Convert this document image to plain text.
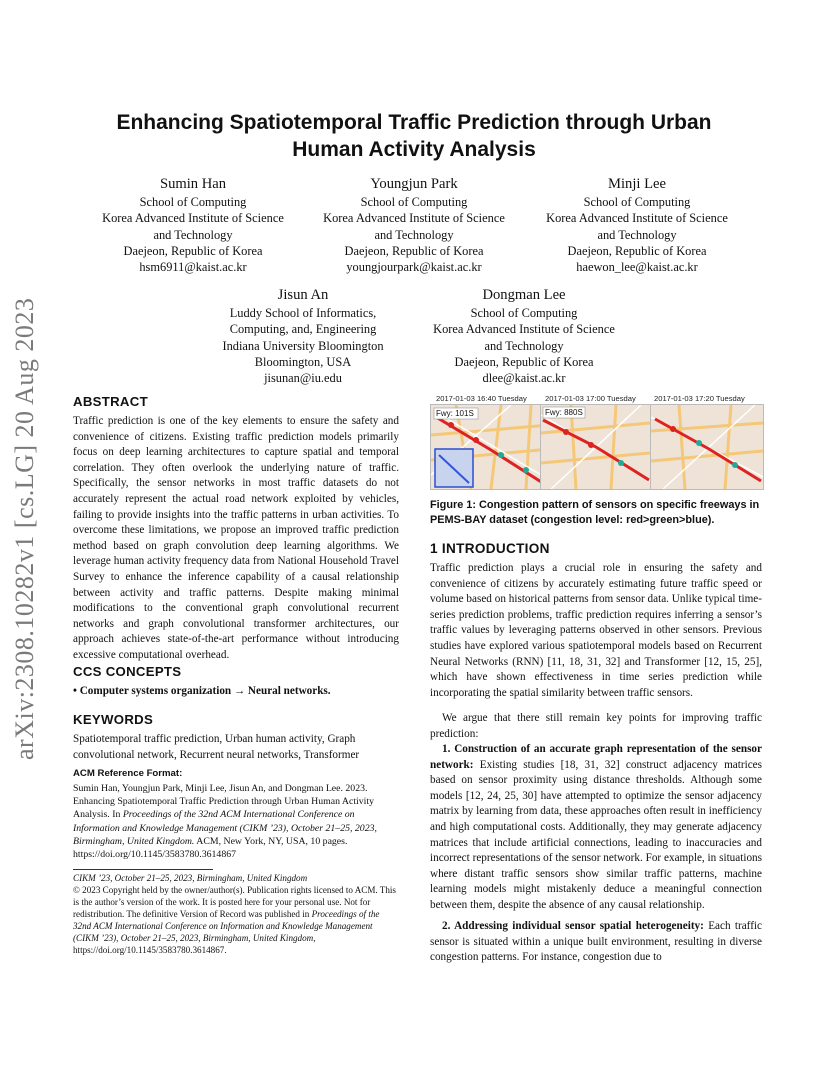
arXiv:2308.10282v1 [cs.LG] 20 Aug 2023
Enhancing Spatiotemporal Traffic Prediction through Urban
Human Activity Analysis
Sumin Han
School of Computing
Korea Advanced Institute of Science
and Technology
Daejeon, Republic of Korea
hsm6911@kaist.ac.kr
Youngjun Park
School of Computing
Korea Advanced Institute of Science
and Technology
Daejeon, Republic of Korea
youngjourpark@kaist.ac.kr
Minji Lee
School of Computing
Korea Advanced Institute of Science
and Technology
Daejeon, Republic of Korea
haewon_lee@kaist.ac.kr
Jisun An
Luddy School of Informatics,
Computing, and, Engineering
Indiana University Bloomington
Bloomington, USA
jisunan@iu.edu
Dongman Lee
School of Computing
Korea Advanced Institute of Science
and Technology
Daejeon, Republic of Korea
dlee@kaist.ac.kr
ABSTRACT

Traffic prediction is one of the key elements to ensure the safety and convenience of citizens. Existing traffic prediction models primarily focus on deep learning architectures to capture spatial and temporal correlation. They often overlook the underlying nature of traffic. Specifically, the sensor networks in most traffic datasets do not accurately represent the actual road network exploited by vehicles, failing to provide insights into the traffic patterns in urban activities. To overcome these limitations, we propose an improved traffic prediction method based on graph convolution deep learning algorithms. We leverage human activity frequency data from National Household Travel Survey to enhance the inference capability of a causal relationship between activity and traffic patterns. Despite making minimal modifications to the conventional graph convolutional recurrent networks and graph convolutional transformer architectures, our approach achieves state-of-the-art performance without introducing excessive computational overhead.

CCS CONCEPTS

• Computer systems organization → Neural networks.

KEYWORDS

Spatiotemporal traffic prediction, Urban human activity, Graph convolutional network, Recurrent neural networks, Transformer

ACM Reference Format:

Sumin Han, Youngjun Park, Minji Lee, Jisun An, and Dongman Lee. 2023. Enhancing Spatiotemporal Traffic Prediction through Urban Human Activity Analysis. In Proceedings of the 32nd ACM International Conference on Information and Knowledge Management (CIKM ’23), October 21–25, 2023, Birmingham, United Kingdom. ACM, New York, NY, USA, 10 pages. https://doi.org/10.1145/3583780.3614867

CIKM ’23, October 21–25, 2023, Birmingham, United Kingdom

© 2023 Copyright held by the owner/author(s). Publication rights licensed to ACM. This is the author’s version of the work. It is posted here for your personal use. Not for redistribution. The definitive Version of Record was published in Proceedings of the 32nd ACM International Conference on Information and Knowledge Management (CIKM ’23), October 21–25, 2023, Birmingham, United Kingdom, https://doi.org/10.1145/3583780.3614867.

2017-01-03 16:40 Tuesday 2017-01-03 17:00 Tuesday 2017-01-03 17:20 Tuesday
Fwy: 101S	Fwy: 880S
Figure 1: Congestion pattern of sensors on specific freeways in PEMS-BAY dataset (congestion level: red>green>blue).
1 INTRODUCTION

Traffic prediction plays a crucial role in ensuring the safety and convenience of citizens by accurately estimating future traffic speed or volume based on historical patterns from sensor data. Unlike typical time-series prediction problems, traffic prediction requires inferring a sensor’s traffic values by leveraging patterns observed in other sensors. Previous studies have explored various spatiotemporal models based on Recurrent Neural Networks (RNN) [11, 18, 31, 32] and Transformer [12, 15, 25], which have shown effectiveness in time series prediction while incorporating the spatial similarity between traffic sensors.

We argue that there still remain key points for improving traffic prediction:

1. Construction of an accurate graph representation of the sensor network: Existing studies [18, 31, 32] construct adjacency matrices based on sensor proximity using distance thresholds. Although some models [12, 24, 25, 30] have attempted to optimize the sensor adjacency matrix by learning from data, these approaches often result in inefficiency and high computational costs. Additionally, they may generate adjacency matrices that include artificial connections, leading to inaccuracies and incorrect representations of the sensor network. For example, in situations where distant traffic sensors show similar traffic patterns, machine learning models might mistakenly deduce a meaningful connection between them, despite the absence of any causal relationship.

2. Addressing individual sensor spatial heterogeneity: Each traffic sensor is situated within a unique built environment, resulting in diverse congestion patterns. For instance, congestion due to
